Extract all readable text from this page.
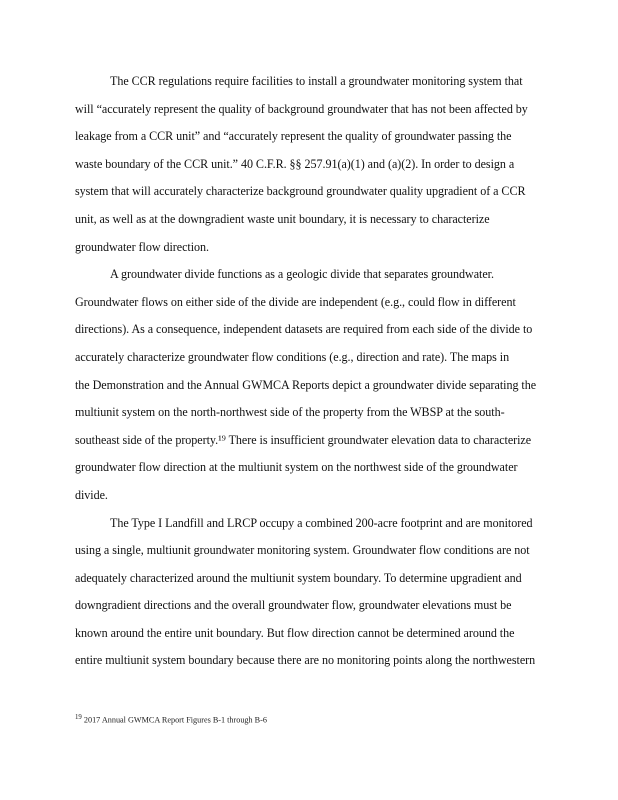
The CCR regulations require facilities to install a groundwater monitoring system that
will “accurately represent the quality of background groundwater that has not been affected by
leakage from a CCR unit” and “accurately represent the quality of groundwater passing the
waste boundary of the CCR unit.” 40 C.F.R. §§ 257.91(a)(1) and (a)(2). In order to design a
system that will accurately characterize background groundwater quality upgradient of a CCR
unit, as well as at the downgradient waste unit boundary, it is necessary to characterize
groundwater flow direction.
A groundwater divide functions as a geologic divide that separates groundwater.
Groundwater flows on either side of the divide are independent (e.g., could flow in different
directions). As a consequence, independent datasets are required from each side of the divide to
accurately characterize groundwater flow conditions (e.g., direction and rate). The maps in
the Demonstration and the Annual GWMCA Reports depict a groundwater divide separating the
multiunit system on the north-northwest side of the property from the WBSP at the south-
southeast side of the property.¹⁹ There is insufficient groundwater elevation data to characterize
groundwater flow direction at the multiunit system on the northwest side of the groundwater
divide.
The Type I Landfill and LRCP occupy a combined 200-acre footprint and are monitored
using a single, multiunit groundwater monitoring system. Groundwater flow conditions are not
adequately characterized around the multiunit system boundary. To determine upgradient and
downgradient directions and the overall groundwater flow, groundwater elevations must be
known around the entire unit boundary. But flow direction cannot be determined around the
entire multiunit system boundary because there are no monitoring points along the northwestern
$^{19}$ 2017 Annual GWMCA Report Figures B-1 through B-6
